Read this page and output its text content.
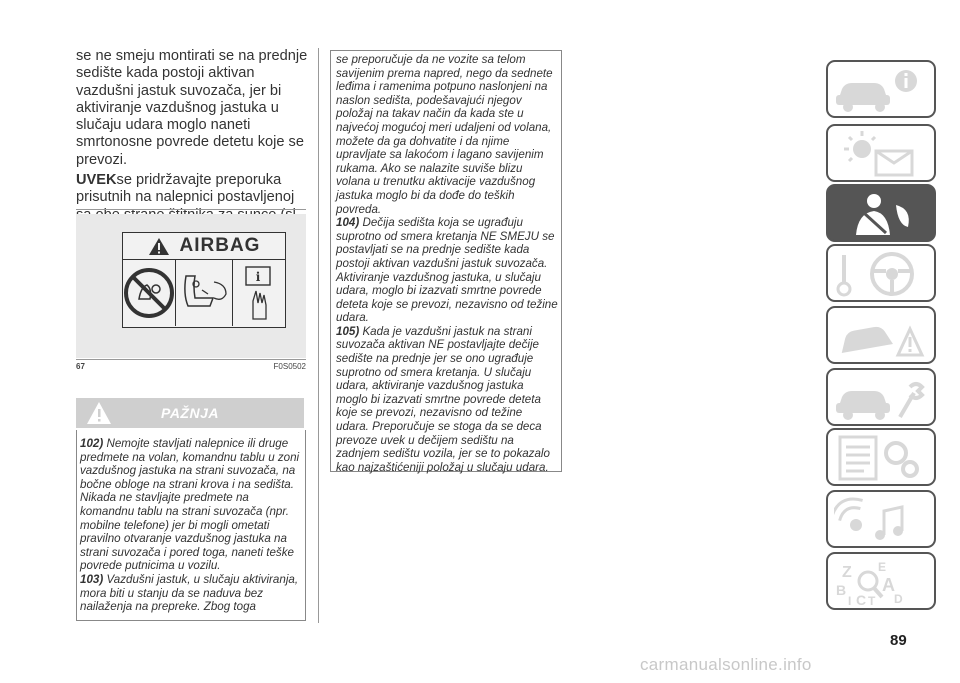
se ne smeju montirati se na prednje sedište kada postoji aktivan vazdušni jastuk suvozača, jer bi aktiviranje vazdušnog jastuka u slučaju udara moglo naneti smrtonosne povrede detetu koje se prevozi.

UVEKse pridržavajte preporuka prisutnih na nalepnici postavljenoj

AIRBAG
i
67	F0S0502
PAŽNJA

102) Nemojte stavljati nalepnice ili druge predmete na volan, komandnu tablu u zoni vazdušnog jastuka na strani suvozača, na bočne obloge na strani krova i na sedišta. Nikada ne stavljajte predmete na komandnu tablu na strani suvozača (npr. mobilne telefone) jer bi mogli ometati pravilno otvaranje vazdušnog jastuka na strani suvozača i pored toga, naneti teške povrede putnicima u vozilu.

103) Vazdušni jastuk, u slučaju aktiviranja, mora biti u stanju da se naduva bez nailaženja na prepreke. Zbog toga

se preporučuje da ne vozite sa telom savijenim prema napred, nego da sednete leđima i ramenima potpuno naslonjeni na naslon sedišta, podešavajući njegov položaj na takav način da kada ste u najvećoj mogućoj meri udaljeni od volana, možete da ga dohvatite i da njime upravljate sa lakoćom i lagano savijenim rukama. Ako se nalazite suviše blizu volana u trenutku aktivacije vazdušnog jastuka moglo bi da dođe do teških povreda.

104) Dečija sedišta koja se ugrađuju suprotno od smera kretanja NE SMEJU se postavljati se na prednje sedište kada postoji aktivan vazdušni jastuk suvozača. Aktiviranje vazdušnog jastuka, u slučaju udara, moglo bi izazvati smrtne povrede deteta koje se prevozi, nezavisno od težine udara.

105) Kada je vazdušni jastuk na strani suvozača aktivan NE postavljajte dečije sedište na prednje jer se ono ugrađuje suprotno od smera kretanja. U slučaju udara, aktiviranje vazdušnog jastuka moglo bi izazvati smrtne povrede deteta koje se prevozi, nezavisno od težine udara. Preporučuje se stoga da se deca prevoze uvek u dečijem sedištu na zadnjem sedištu vozila, jer se to pokazalo kao najzaštićeniji položaj u slučaju udara.

Z E
A
B
C D
I T
89
carmanualsonline.info
